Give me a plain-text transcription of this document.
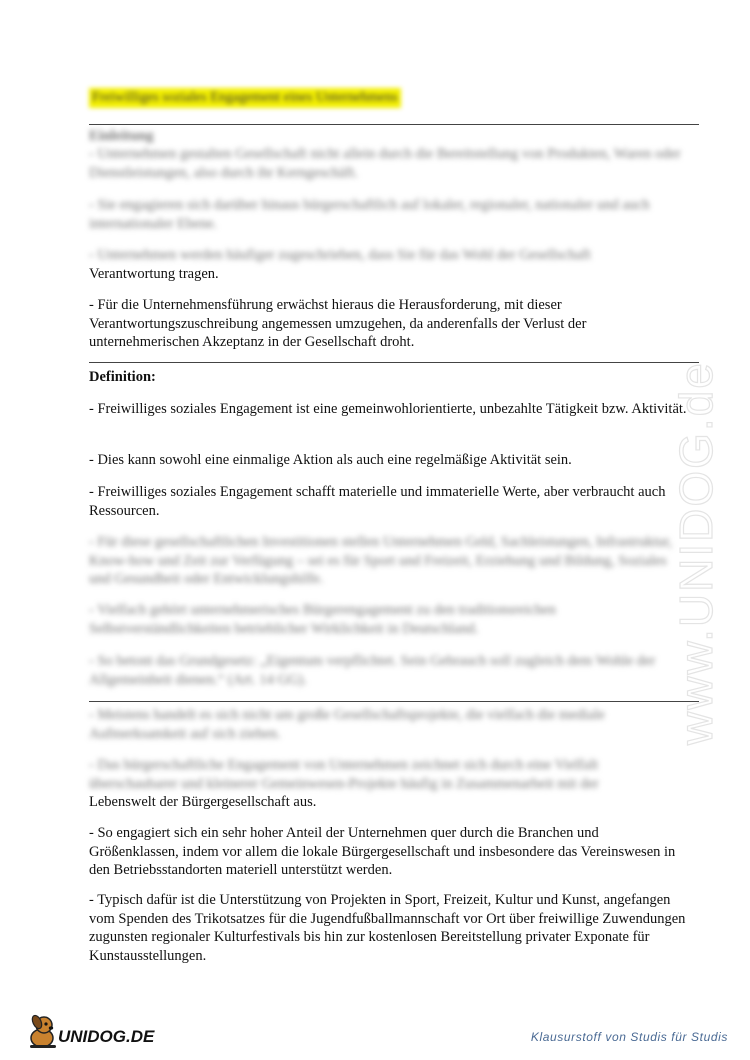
Freiwilliges soziales Engagement eines Unternehmens
Einleitung
- Unternehmen gestalten Gesellschaft nicht allein durch die Bereitstellung von Produkten, Waren oder Dienstleistungen, also durch ihr Kerngeschäft.
- Sie engagieren sich darüber hinaus bürgerschaftlich auf lokaler, regionaler, nationaler und auch internationaler Ebene.
- Unternehmen werden häufiger zugeschrieben, dass Sie für das Wohl der Gesellschaft
Verantwortung tragen.
- Für die Unternehmensführung erwächst hieraus die Herausforderung, mit dieser Verantwortungszuschreibung angemessen umzugehen, da anderenfalls der Verlust der unternehmerischen Akzeptanz in der Gesellschaft droht.
Definition:
- Freiwilliges soziales Engagement ist eine gemeinwohlorientierte, unbezahlte Tätigkeit bzw. Aktivität.
- Dies kann sowohl eine einmalige Aktion als auch eine regelmäßige Aktivität sein.
- Freiwilliges soziales Engagement schafft materielle und immaterielle Werte, aber verbraucht auch Ressourcen.
- Für diese gesellschaftlichen Investitionen stellen Unternehmen Geld, Sachleistungen, Infrastruktur, Know-how und Zeit zur Verfügung – sei es für Sport und Freizeit, Erziehung und Bildung, Soziales und Gesundheit oder Entwicklungshilfe.
- Vielfach gehört unternehmerisches Bürgerengagement zu den traditionsreichen Selbstverständlichkeiten betrieblicher Wirklichkeit in Deutschland.
- So betont das Grundgesetz: „Eigentum verpflichtet. Sein Gebrauch soll zugleich dem Wohle der Allgemeinheit dienen.“ (Art. 14 GG).
- Meistens handelt es sich nicht um große Gesellschaftsprojekte, die vielfach die mediale Aufmerksamkeit auf sich ziehen.
- Das bürgerschaftliche Engagement von Unternehmen zeichnet sich durch eine Vielfalt überschaubarer und kleinerer Gemeinwesen-Projekte häufig in Zusammenarbeit mit der
Lebenswelt der Bürgergesellschaft aus.
- So engagiert sich ein sehr hoher Anteil der Unternehmen quer durch die Branchen und Größenklassen, indem vor allem die lokale Bürgergesellschaft und insbesondere das Vereinswesen in den Betriebsstandorten materiell unterstützt werden.
- Typisch dafür ist die Unterstützung von Projekten in Sport, Freizeit, Kultur und Kunst, angefangen vom Spenden des Trikotsatzes für die Jugendfußballmannschaft vor Ort über freiwillige Zuwendungen zugunsten regionaler Kulturfestivals bis hin zur kostenlosen Bereitstellung privater Exponate für Kunstausstellungen.
www.UNIDOG.de
UNIDOG.DE	Klausurstoff von Studis für Studis
